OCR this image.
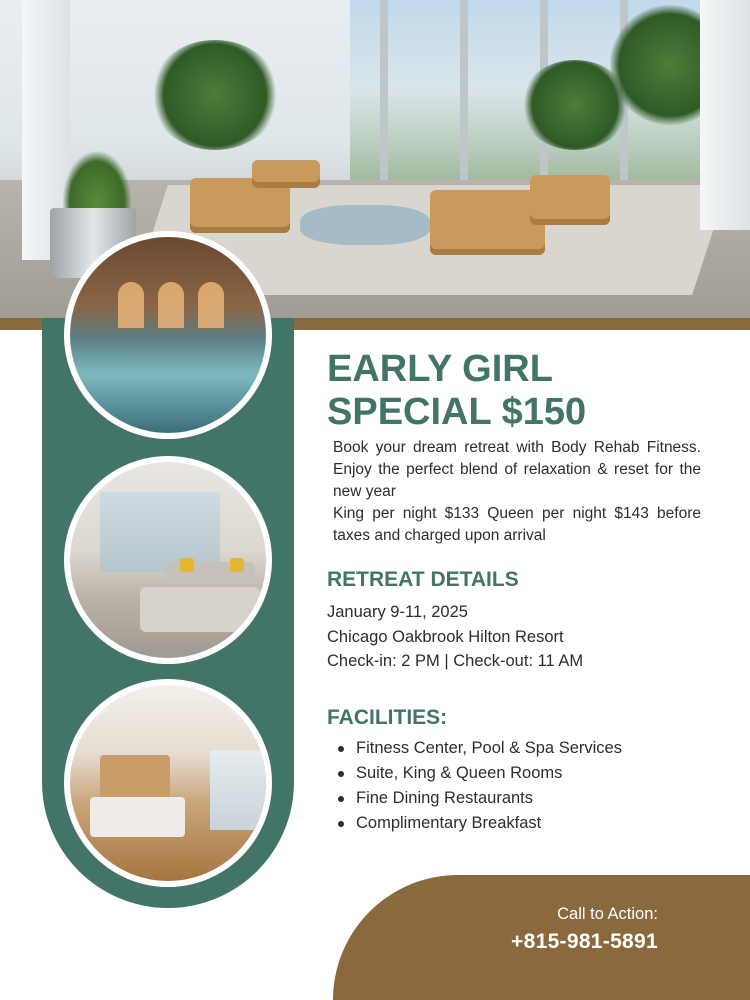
EARLY GIRL
SPECIAL $150

Book your dream retreat with Body Rehab Fitness. Enjoy the perfect blend of relaxation & reset for the new year

King per night $133 Queen per night $143 before taxes and charged upon arrival

RETREAT DETAILS
January 9-11, 2025
Chicago Oakbrook Hilton Resort
Check-in: 2 PM | Check-out: 11 AM
FACILITIES:
Fitness Center, Pool & Spa Services
Suite, King & Queen Rooms
Fine Dining Restaurants
Complimentary Breakfast
Call to Action:
+815-981-5891
